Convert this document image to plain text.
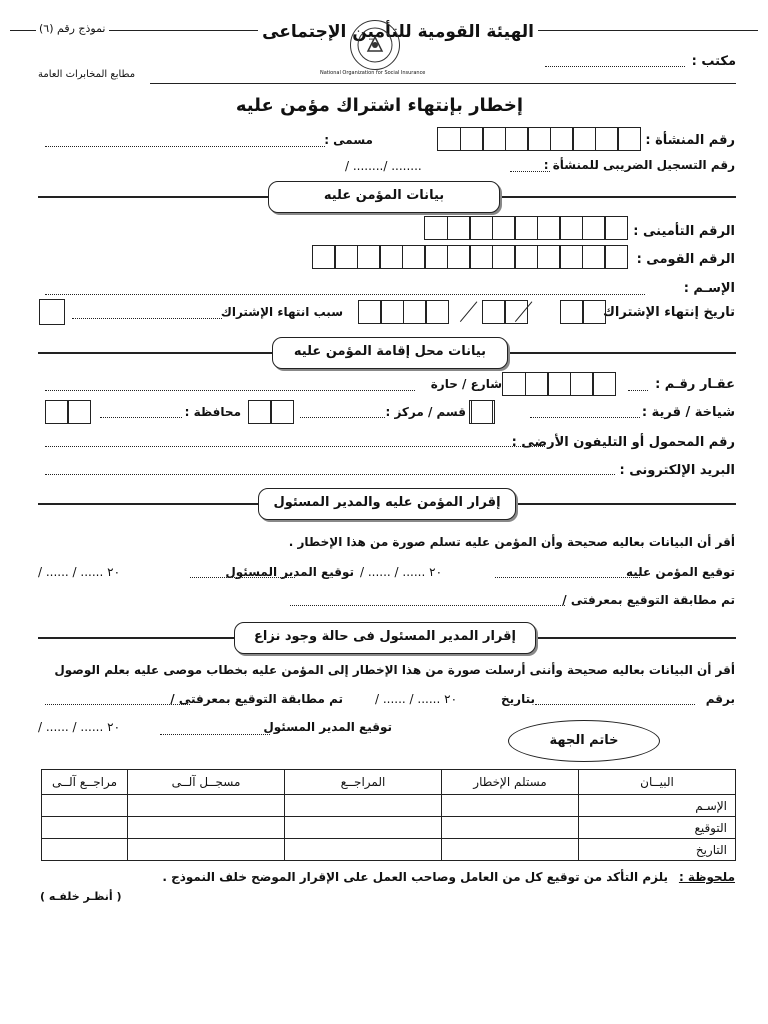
الهيئة القومية للتأمين الإجتماعى
نموذج رقم (٦)
مكتب :
مطابع المخابرات العامة	National Organization for Social Insurance
إخطار بإنتهاء اشتراك مؤمن عليه
رقم المنشأة :
مسمى :
رقم التسجيل الضريبى للمنشأة :
/ ......../ ........
بيانات المؤمن عليه
الرقم التأمينى :
الرقم القومى :
الإسـم :
تاريخ إنتهاء الإشتراك
سبب انتهاء الإشتراك
بيانات محل إقامة المؤمن عليه
عقـار رقـم :
شارع / حارة
شياخة / قرية :
قسم / مركز :
محافظة :
رقم المحمول أو التليفون الأرضى :
البريد الإلكترونى :
إقرار المؤمن عليه والمدير المسئول
أقر أن البيانات بعاليه صحيحة وأن المؤمن عليه تسلم صورة من هذا الإخطار .
توقيع المؤمن عليه
/ ...... / ...... ٢٠
توقيع المدير المسئول
/ ...... / ...... ٢٠
تم مطابقة التوقيع بمعرفتى /
إقرار المدير المسئول فى حالة وجود نزاع
أقر أن البيانات بعاليه صحيحة وأننى أرسلت صورة من هذا الإخطار إلى المؤمن عليه بخطاب موصى عليه بعلم الوصول
برقم
بتاريخ
/ ...... / ...... ٢٠
تم مطابقة التوقيع بمعرفتى /
توقيع المدير المسئول
/ ...... / ...... ٢٠
خاتم الجهة
البيــان	مستلم الإخطار	المراجــع	مسجــل آلــى	مراجــع آلــى
الإسـم				
التوقيع				
التاريخ				
ملحوظة :
يلزم التأكد من توقيع كل من العامل وصاحب العمل على الإقرار الموضح خلف النموذج .
( أنظـر خلفـه )
